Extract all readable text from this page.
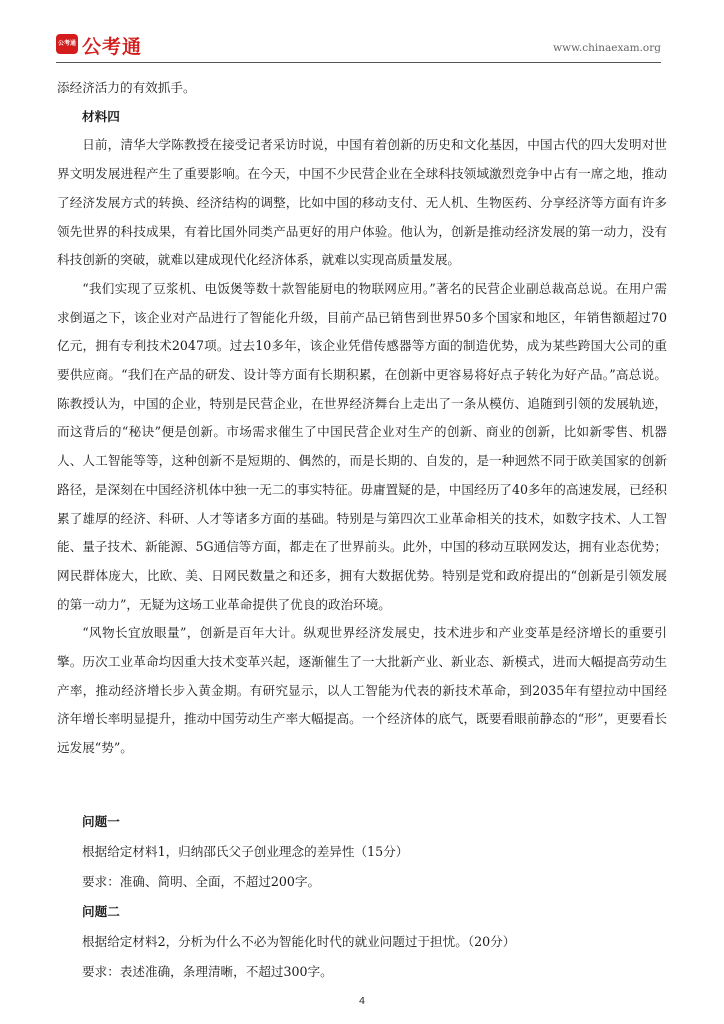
公考通 公考通	www.chinaexam.org

添经济活力的有效抓手。

材料四

日前，清华大学陈教授在接受记者采访时说，中国有着创新的历史和文化基因，中国古代的四大发明对世界文明发展进程产生了重要影响。在今天，中国不少民营企业在全球科技领域激烈竞争中占有一席之地，推动了经济发展方式的转换、经济结构的调整，比如中国的移动支付、无人机、生物医药、分享经济等方面有许多领先世界的科技成果，有着比国外同类产品更好的用户体验。他认为，创新是推动经济发展的第一动力，没有科技创新的突破，就难以建成现代化经济体系，就难以实现高质量发展。

“我们实现了豆浆机、电饭煲等数十款智能厨电的物联网应用。”著名的民营企业副总裁高总说。在用户需求倒逼之下，该企业对产品进行了智能化升级，目前产品已销售到世界50多个国家和地区，年销售额超过70亿元，拥有专利技术2047项。过去10多年，该企业凭借传感器等方面的制造优势，成为某些跨国大公司的重要供应商。“我们在产品的研发、设计等方面有长期积累，在创新中更容易将好点子转化为好产品。”高总说。陈教授认为，中国的企业，特别是民营企业，在世界经济舞台上走出了一条从模仿、追随到引领的发展轨迹，而这背后的“秘诀”便是创新。市场需求催生了中国民营企业对生产的创新、商业的创新，比如新零售、机器人、人工智能等等，这种创新不是短期的、偶然的，而是长期的、自发的，是一种迥然不同于欧美国家的创新路径，是深刻在中国经济机体中独一无二的事实特征。毋庸置疑的是，中国经历了40多年的高速发展，已经积累了雄厚的经济、科研、人才等诸多方面的基础。特别是与第四次工业革命相关的技术，如数字技术、人工智能、量子技术、新能源、5G通信等方面，都走在了世界前头。此外，中国的移动互联网发达，拥有业态优势；网民群体庞大，比欧、美、日网民数量之和还多，拥有大数据优势。特别是党和政府提出的“创新是引领发展的第一动力”，无疑为这场工业革命提供了优良的政治环境。

“风物长宜放眼量”，创新是百年大计。纵观世界经济发展史，技术进步和产业变革是经济增长的重要引擎。历次工业革命均因重大技术变革兴起，逐渐催生了一大批新产业、新业态、新模式，进而大幅提高劳动生产率，推动经济增长步入黄金期。有研究显示，以人工智能为代表的新技术革命，到2035年有望拉动中国经济年增长率明显提升，推动中国劳动生产率大幅提高。一个经济体的底气，既要看眼前静态的“形”，更要看长远发展“势”。

问题一

根据给定材料1，归纳邵氏父子创业理念的差异性（15分）

要求：准确、简明、全面，不超过200字。

问题二

根据给定材料2，分析为什么不必为智能化时代的就业问题过于担忧。（20分）

要求：表述准确，条理清晰，不超过300字。

4
